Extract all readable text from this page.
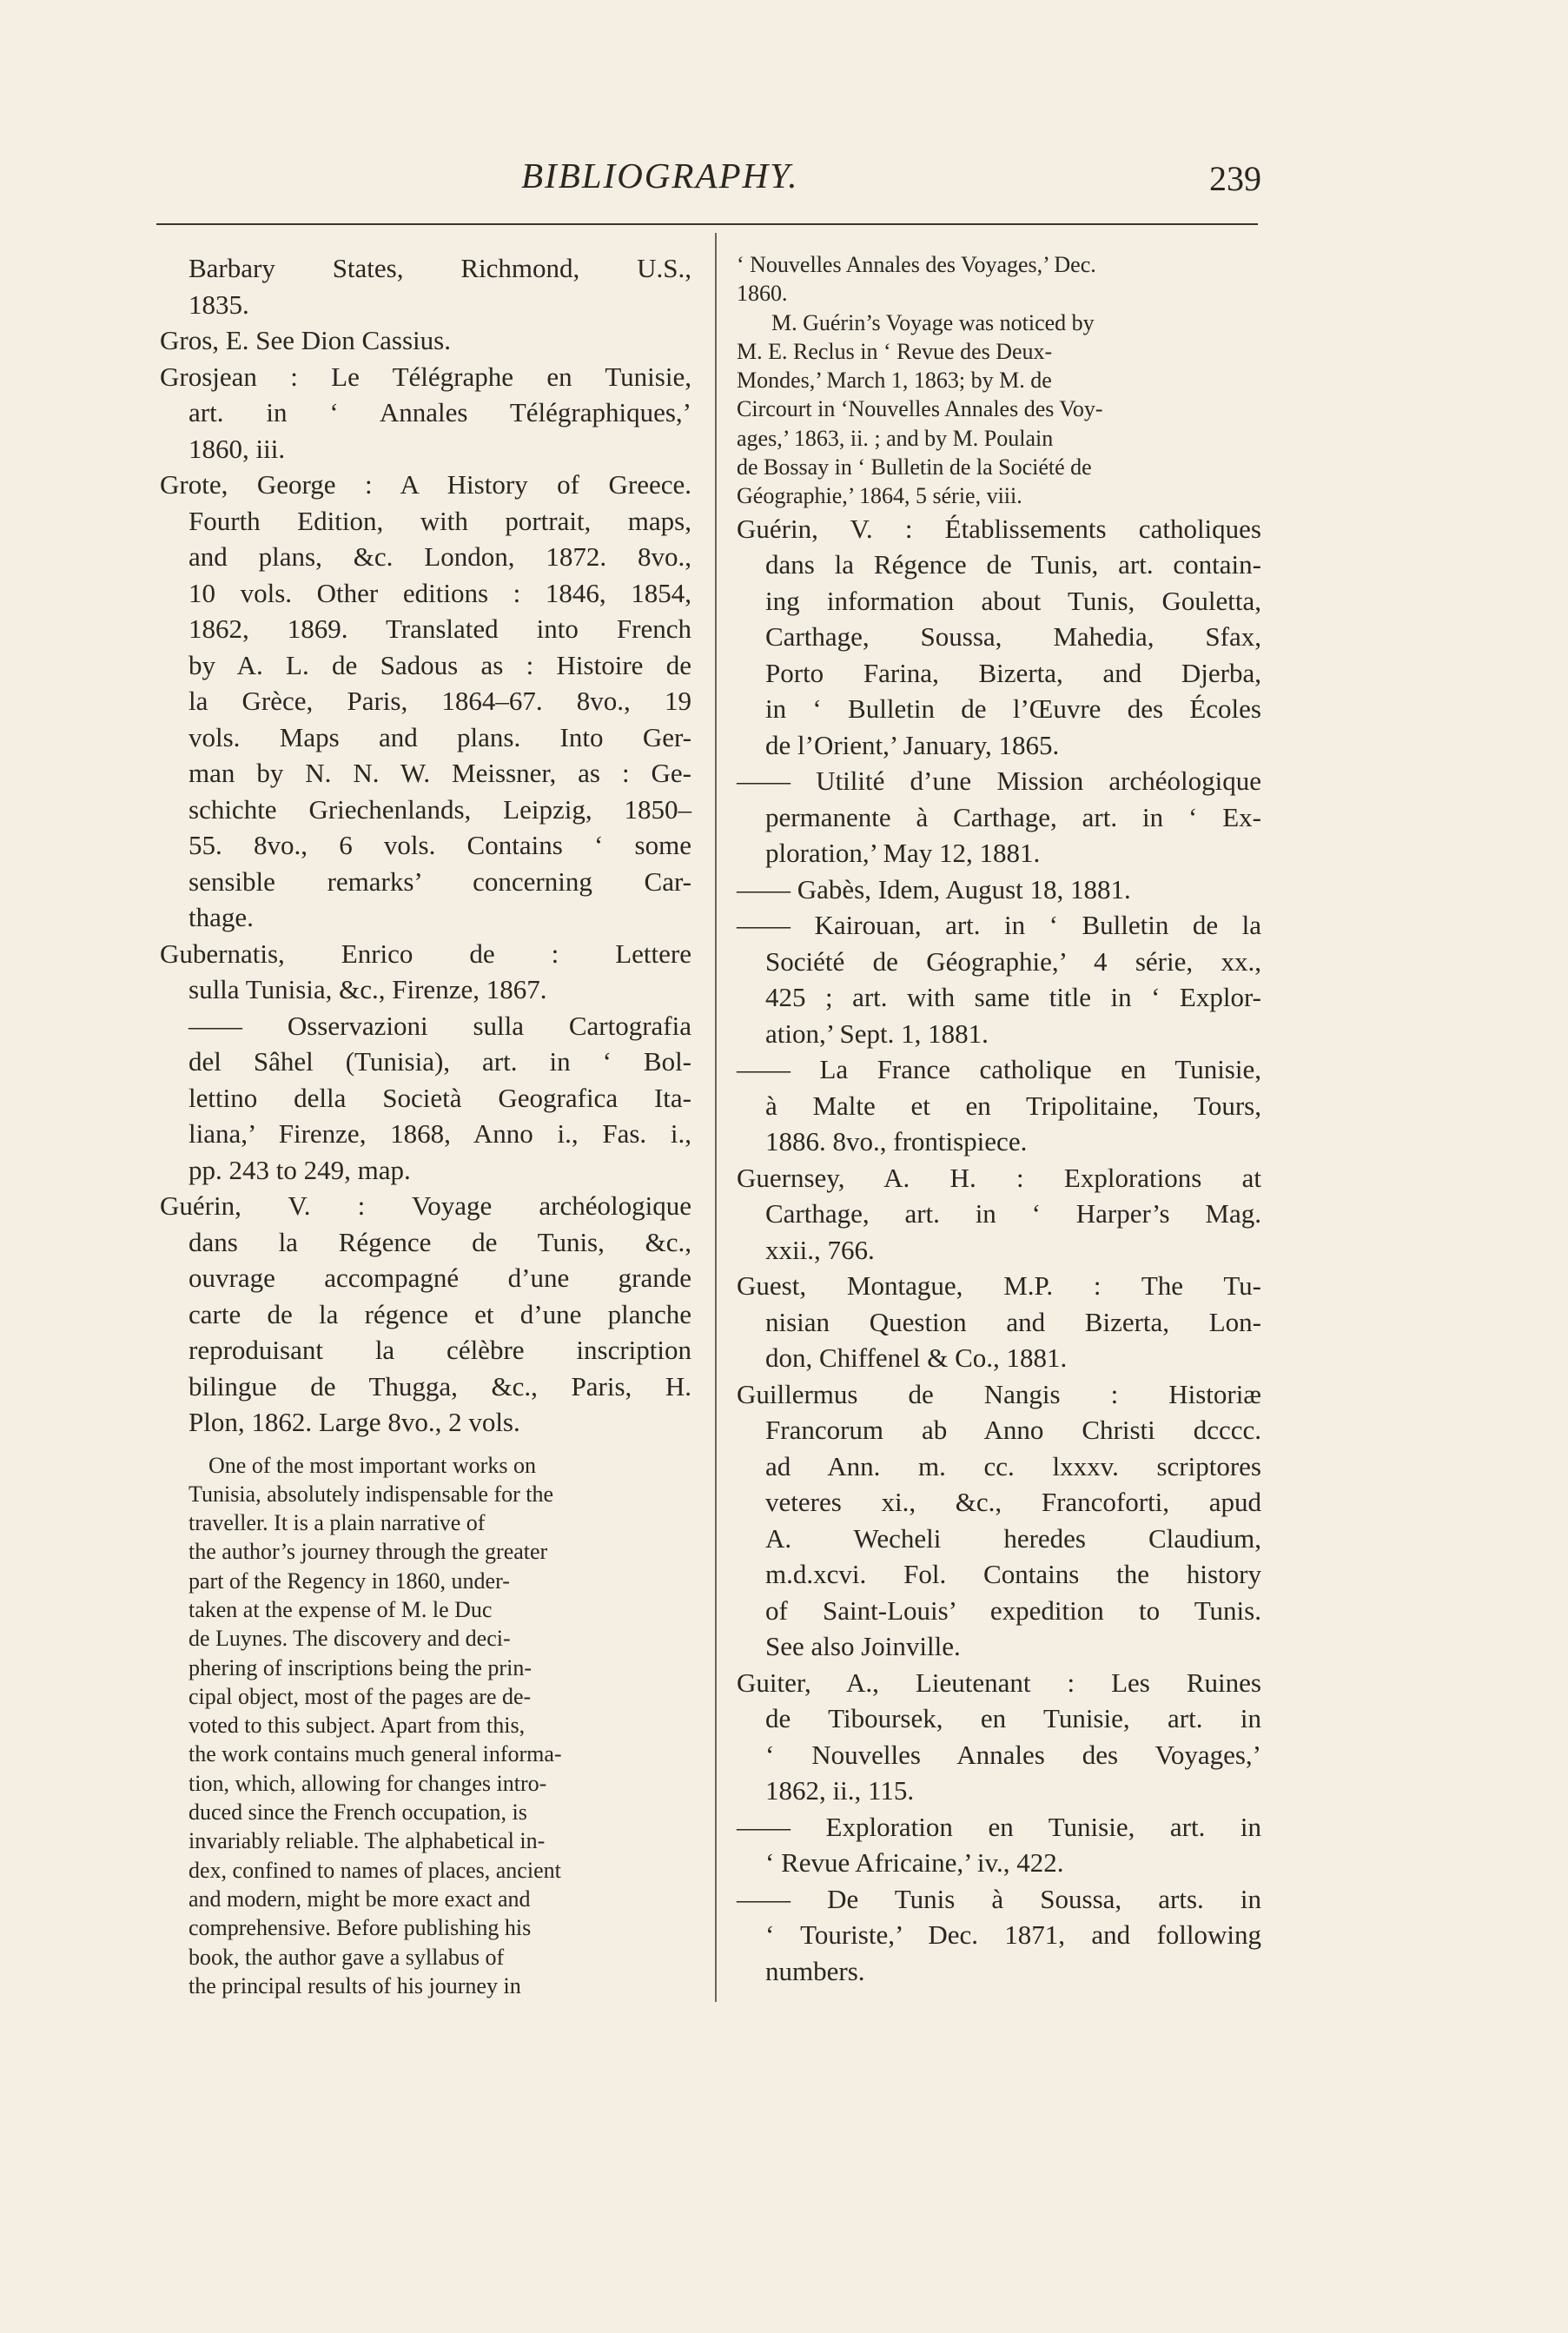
BIBLIOGRAPHY.	239
Barbary States, Richmond, U.S.,
1835.
Gros, E. See Dion Cassius.
Grosjean : Le Télégraphe en Tunisie,
art. in ‘ Annales Télégraphiques,’
1860, iii.
Grote, George : A History of Greece.
Fourth Edition, with portrait, maps,
and plans, &c. London, 1872. 8vo.,
10 vols. Other editions : 1846, 1854,
1862, 1869. Translated into French
by A. L. de Sadous as : Histoire de
la Grèce, Paris, 1864–67. 8vo., 19
vols. Maps and plans. Into Ger-
man by N. N. W. Meissner, as : Ge-
schichte Griechenlands, Leipzig, 1850–
55. 8vo., 6 vols. Contains ‘ some
sensible remarks’ concerning Car-
thage.
Gubernatis, Enrico de : Lettere
sulla Tunisia, &c., Firenze, 1867.
—— Osservazioni sulla Cartografia
del Sâhel (Tunisia), art. in ‘ Bol-
lettino della Società Geografica Ita-
liana,’ Firenze, 1868, Anno i., Fas. i.,
pp. 243 to 249, map.
Guérin, V. : Voyage archéologique
dans la Régence de Tunis, &c.,
ouvrage accompagné d’une grande
carte de la régence et d’une planche
reproduisant la célèbre inscription
bilingue de Thugga, &c., Paris, H.
Plon, 1862. Large 8vo., 2 vols.
One of the most important works on
Tunisia, absolutely indispensable for the
traveller. It is a plain narrative of
the author’s journey through the greater
part of the Regency in 1860, under-
taken at the expense of M. le Duc
de Luynes. The discovery and deci-
phering of inscriptions being the prin-
cipal object, most of the pages are de-
voted to this subject. Apart from this,
the work contains much general informa-
tion, which, allowing for changes intro-
duced since the French occupation, is
invariably reliable. The alphabetical in-
dex, confined to names of places, ancient
and modern, might be more exact and
comprehensive. Before publishing his
book, the author gave a syllabus of
the principal results of his journey in
‘ Nouvelles Annales des Voyages,’ Dec.
1860.
M. Guérin’s Voyage was noticed by
M. E. Reclus in ‘ Revue des Deux-
Mondes,’ March 1, 1863; by M. de
Circourt in ‘Nouvelles Annales des Voy-
ages,’ 1863, ii. ; and by M. Poulain
de Bossay in ‘ Bulletin de la Société de
Géographie,’ 1864, 5 série, viii.
Guérin, V. : Établissements catholiques
dans la Régence de Tunis, art. contain-
ing information about Tunis, Gouletta,
Carthage, Soussa, Mahedia, Sfax,
Porto Farina, Bizerta, and Djerba,
in ‘ Bulletin de l’Œuvre des Écoles
de l’Orient,’ January, 1865.
—— Utilité d’une Mission archéologique
permanente à Carthage, art. in ‘ Ex-
ploration,’ May 12, 1881.
—— Gabès, Idem, August 18, 1881.
—— Kairouan, art. in ‘ Bulletin de la
Société de Géographie,’ 4 série, xx.,
425 ; art. with same title in ‘ Explor-
ation,’ Sept. 1, 1881.
—— La France catholique en Tunisie,
à Malte et en Tripolitaine, Tours,
1886. 8vo., frontispiece.
Guernsey, A. H. : Explorations at
Carthage, art. in ‘ Harper’s Mag.
xxii., 766.
Guest, Montague, M.P. : The Tu-
nisian Question and Bizerta, Lon-
don, Chiffenel & Co., 1881.
Guillermus de Nangis : Historiæ
Francorum ab Anno Christi dcccc.
ad Ann. m. cc. lxxxv. scriptores
veteres xi., &c., Francoforti, apud
A. Wecheli heredes Claudium,
m.d.xcvi. Fol. Contains the history
of Saint-Louis’ expedition to Tunis.
See also Joinville.
Guiter, A., Lieutenant : Les Ruines
de Tiboursek, en Tunisie, art. in
‘ Nouvelles Annales des Voyages,’
1862, ii., 115.
—— Exploration en Tunisie, art. in
‘ Revue Africaine,’ iv., 422.
—— De Tunis à Soussa, arts. in
‘ Touriste,’ Dec. 1871, and following
numbers.
